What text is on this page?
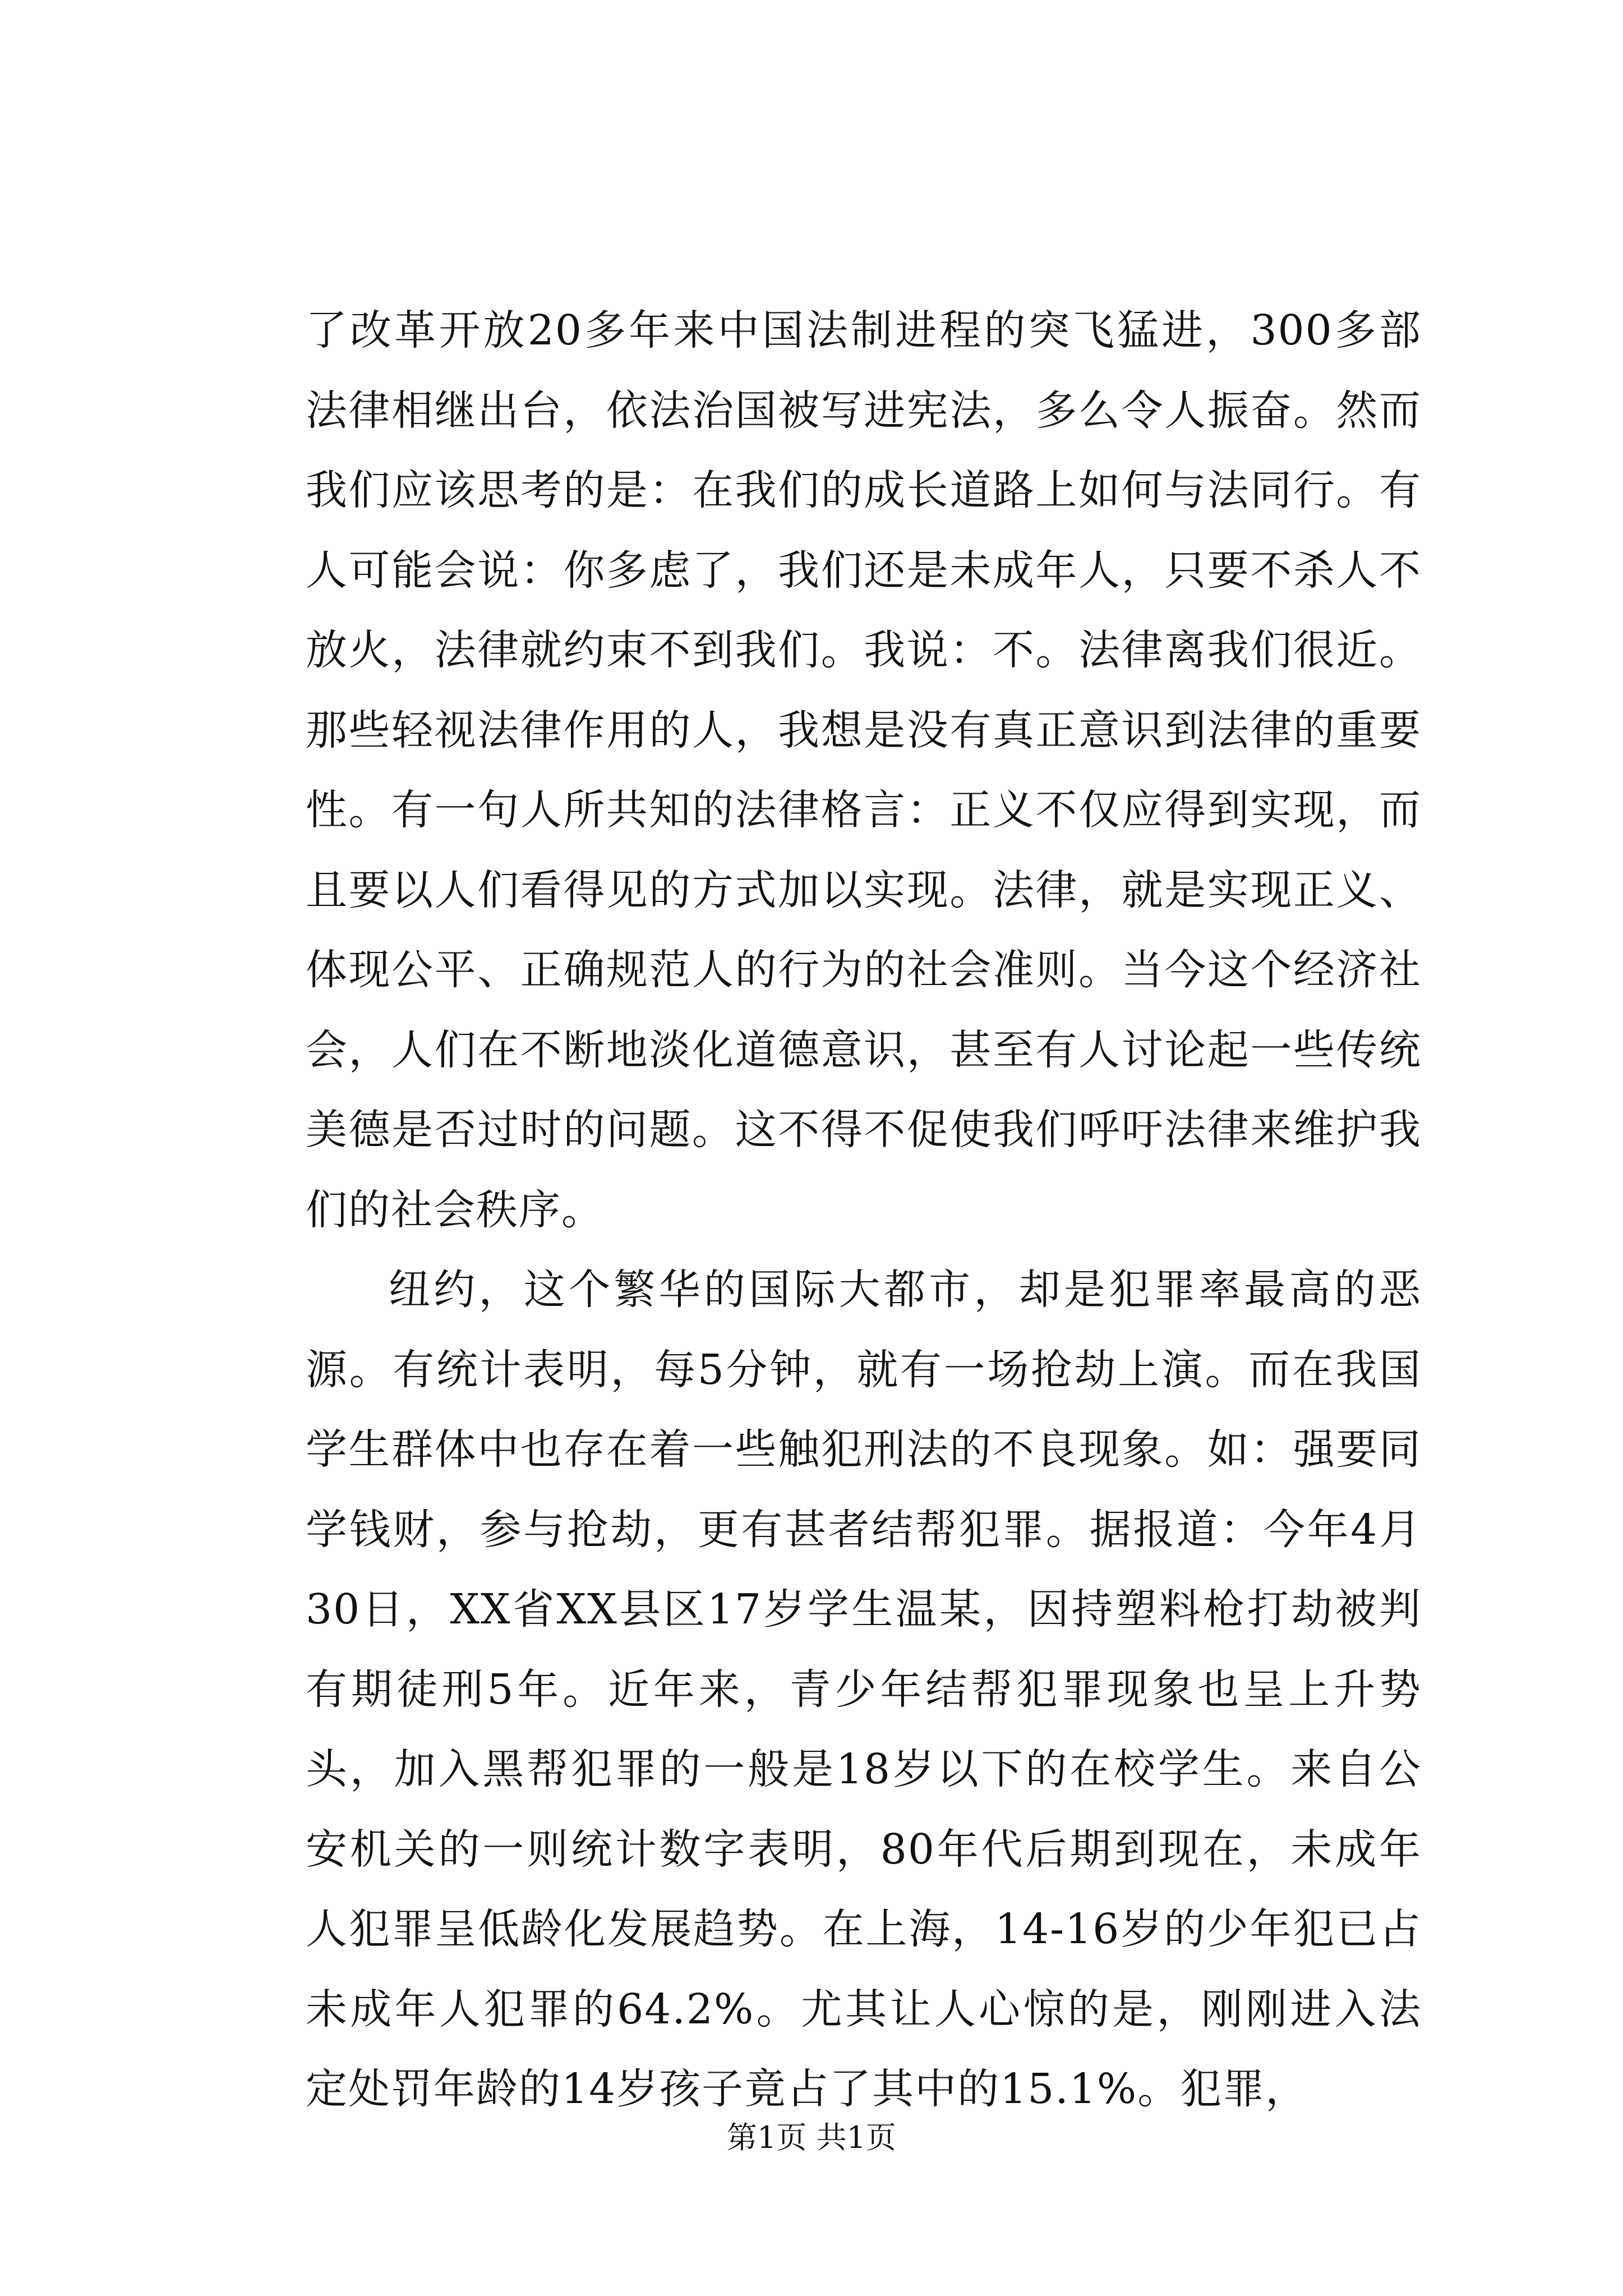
了改革开放20多年来中国法制进程的突飞猛进，300多部法律相继出台，依法治国被写进宪法，多么令人振奋。然而我们应该思考的是：在我们的成长道路上如何与法同行。有人可能会说：你多虑了，我们还是未成年人，只要不杀人不放火，法律就约束不到我们。我说：不。法律离我们很近。那些轻视法律作用的人，我想是没有真正意识到法律的重要性。有一句人所共知的法律格言：正义不仅应得到实现，而且要以人们看得见的方式加以实现。法律，就是实现正义、体现公平、正确规范人的行为的社会准则。当今这个经济社会，人们在不断地淡化道德意识，甚至有人讨论起一些传统美德是否过时的问题。这不得不促使我们呼吁法律来维护我们的社会秩序。

纽约，这个繁华的国际大都市，却是犯罪率最高的恶源。有统计表明，每5分钟，就有一场抢劫上演。而在我国学生群体中也存在着一些触犯刑法的不良现象。如：强要同学钱财，参与抢劫，更有甚者结帮犯罪。据报道：今年4月30日，XX省XX县区17岁学生温某，因持塑料枪打劫被判有期徒刑5年。近年来，青少年结帮犯罪现象也呈上升势头，加入黑帮犯罪的一般是18岁以下的在校学生。来自公安机关的一则统计数字表明，80年代后期到现在，未成年人犯罪呈低龄化发展趋势。在上海，14-16岁的少年犯已占未成年人犯罪的64.2%。尤其让人心惊的是，刚刚进入法定处罚年龄的14岁孩子竟占了其中的15.1%。犯罪，

第1页 共1页
